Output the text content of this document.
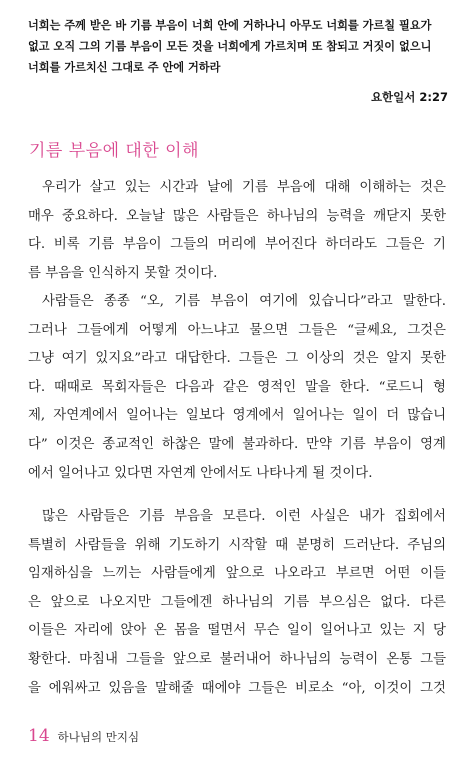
너희는 주께 받은 바 기름 부음이 너희 안에 거하나니 아무도 너희를 가르칠 필요가
없고 오직 그의 기름 부음이 모든 것을 너희에게 가르치며 또 참되고 거짓이 없으니
너희를 가르치신 그대로 주 안에 거하라
요한일서 2:27
기름 부음에 대한 이해
우리가 살고 있는 시간과 날에 기름 부음에 대해 이해하는 것은
매우 중요하다. 오늘날 많은 사람들은 하나님의 능력을 깨닫지 못한
다. 비록 기름 부음이 그들의 머리에 부어진다 하더라도 그들은 기
름 부음을 인식하지 못할 것이다.
사람들은 종종 “오, 기름 부음이 여기에 있습니다”라고 말한다.
그러나 그들에게 어떻게 아느냐고 물으면 그들은 “글쎄요, 그것은
그냥 여기 있지요”라고 대답한다. 그들은 그 이상의 것은 알지 못한
다. 때때로 목회자들은 다음과 같은 영적인 말을 한다. “로드니 형
제, 자연계에서 일어나는 일보다 영계에서 일어나는 일이 더 많습니
다” 이것은 종교적인 하찮은 말에 불과하다. 만약 기름 부음이 영계
에서 일어나고 있다면 자연계 안에서도 나타나게 될 것이다.
많은 사람들은 기름 부음을 모른다. 이런 사실은 내가 집회에서
특별히 사람들을 위해 기도하기 시작할 때 분명히 드러난다. 주님의
임재하심을 느끼는 사람들에게 앞으로 나오라고 부르면 어떤 이들
은 앞으로 나오지만 그들에겐 하나님의 기름 부으심은 없다. 다른
이들은 자리에 앉아 온 몸을 떨면서 무슨 일이 일어나고 있는 지 당
황한다. 마침내 그들을 앞으로 불러내어 하나님의 능력이 온통 그들
을 에워싸고 있음을 말해줄 때에야 그들은 비로소 “아, 이것이 그것
14 하나님의 만지심
